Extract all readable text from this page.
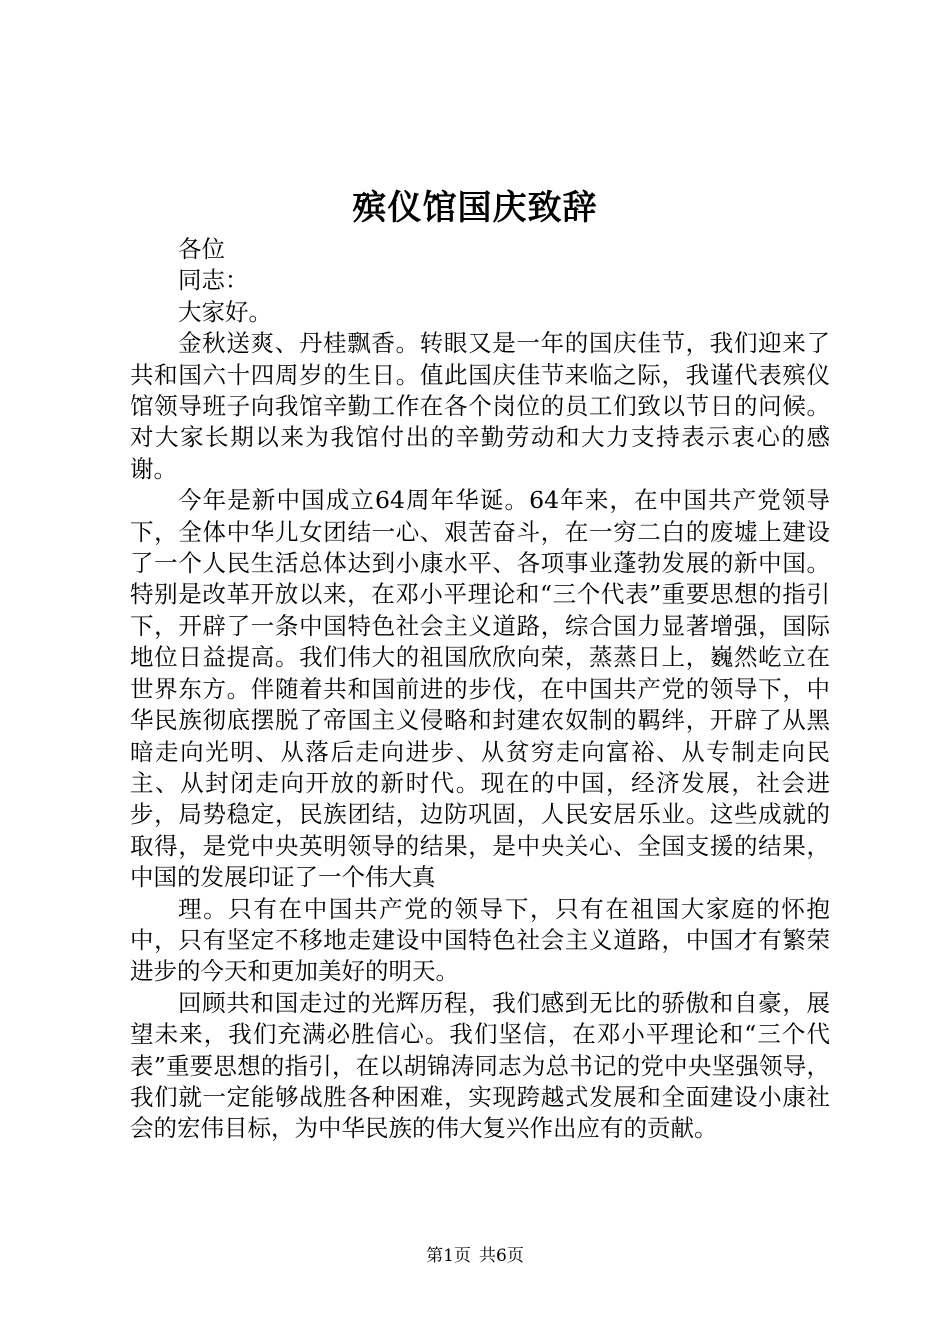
殡仪馆国庆致辞

各位

同志：

大家好。

金秋送爽、丹桂飘香。转眼又是一年的国庆佳节，我们迎来了共和国六十四周岁的生日。值此国庆佳节来临之际，我谨代表殡仪馆领导班子向我馆辛勤工作在各个岗位的员工们致以节日的问候。对大家长期以来为我馆付出的辛勤劳动和大力支持表示衷心的感谢。

今年是新中国成立64周年华诞。64年来，在中国共产党领导下，全体中华儿女团结一心、艰苦奋斗，在一穷二白的废墟上建设了一个人民生活总体达到小康水平、各项事业蓬勃发展的新中国。特别是改革开放以来，在邓小平理论和“三个代表”重要思想的指引下，开辟了一条中国特色社会主义道路，综合国力显著增强，国际地位日益提高。我们伟大的祖国欣欣向荣，蒸蒸日上，巍然屹立在世界东方。伴随着共和国前进的步伐，在中国共产党的领导下，中华民族彻底摆脱了帝国主义侵略和封建农奴制的羁绊，开辟了从黑暗走向光明、从落后走向进步、从贫穷走向富裕、从专制走向民主、从封闭走向开放的新时代。现在的中国，经济发展，社会进步，局势稳定，民族团结，边防巩固，人民安居乐业。这些成就的取得，是党中央英明领导的结果，是中央关心、全国支援的结果，中国的发展印证了一个伟大真

理。只有在中国共产党的领导下，只有在祖国大家庭的怀抱中，只有坚定不移地走建设中国特色社会主义道路，中国才有繁荣进步的今天和更加美好的明天。

回顾共和国走过的光辉历程，我们感到无比的骄傲和自豪，展望未来，我们充满必胜信心。我们坚信，在邓小平理论和“三个代表”重要思想的指引，在以胡锦涛同志为总书记的党中央坚强领导，我们就一定能够战胜各种困难，实现跨越式发展和全面建设小康社会的宏伟目标，为中华民族的伟大复兴作出应有的贡献。

第1页 共6页
